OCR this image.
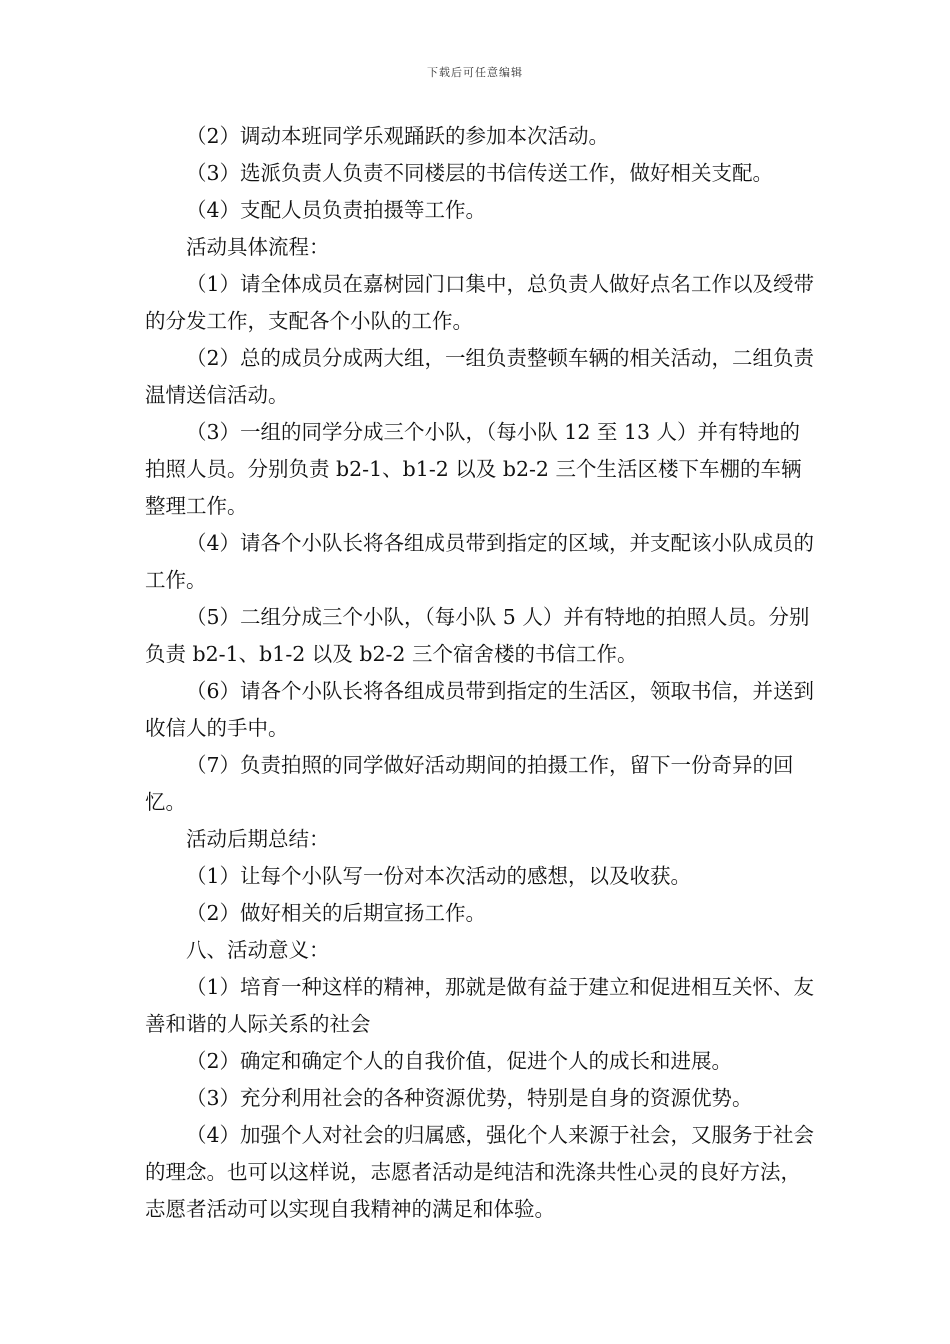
下载后可任意编辑

（2）调动本班同学乐观踊跃的参加本次活动。

（3）选派负责人负责不同楼层的书信传送工作，做好相关支配。

（4）支配人员负责拍摄等工作。

活动具体流程：

（1）请全体成员在嘉树园门口集中，总负责人做好点名工作以及绶带的分发工作，支配各个小队的工作。

（2）总的成员分成两大组，一组负责整顿车辆的相关活动，二组负责温情送信活动。

（3）一组的同学分成三个小队，（每小队 12 至 13 人）并有特地的拍照人员。分别负责 b2-1、b1-2 以及 b2-2 三个生活区楼下车棚的车辆整理工作。

（4）请各个小队长将各组成员带到指定的区域，并支配该小队成员的工作。

（5）二组分成三个小队，（每小队 5 人）并有特地的拍照人员。分别负责 b2-1、b1-2 以及 b2-2 三个宿舍楼的书信工作。

（6）请各个小队长将各组成员带到指定的生活区，领取书信，并送到收信人的手中。

（7）负责拍照的同学做好活动期间的拍摄工作，留下一份奇异的回忆。

活动后期总结：

（1）让每个小队写一份对本次活动的感想，以及收获。

（2）做好相关的后期宣扬工作。

八、活动意义：

（1）培育一种这样的精神，那就是做有益于建立和促进相互关怀、友善和谐的人际关系的社会

（2）确定和确定个人的自我价值，促进个人的成长和进展。

（3）充分利用社会的各种资源优势，特别是自身的资源优势。

（4）加强个人对社会的归属感，强化个人来源于社会，又服务于社会的理念。也可以这样说，志愿者活动是纯洁和洗涤共性心灵的良好方法，志愿者活动可以实现自我精神的满足和体验。
